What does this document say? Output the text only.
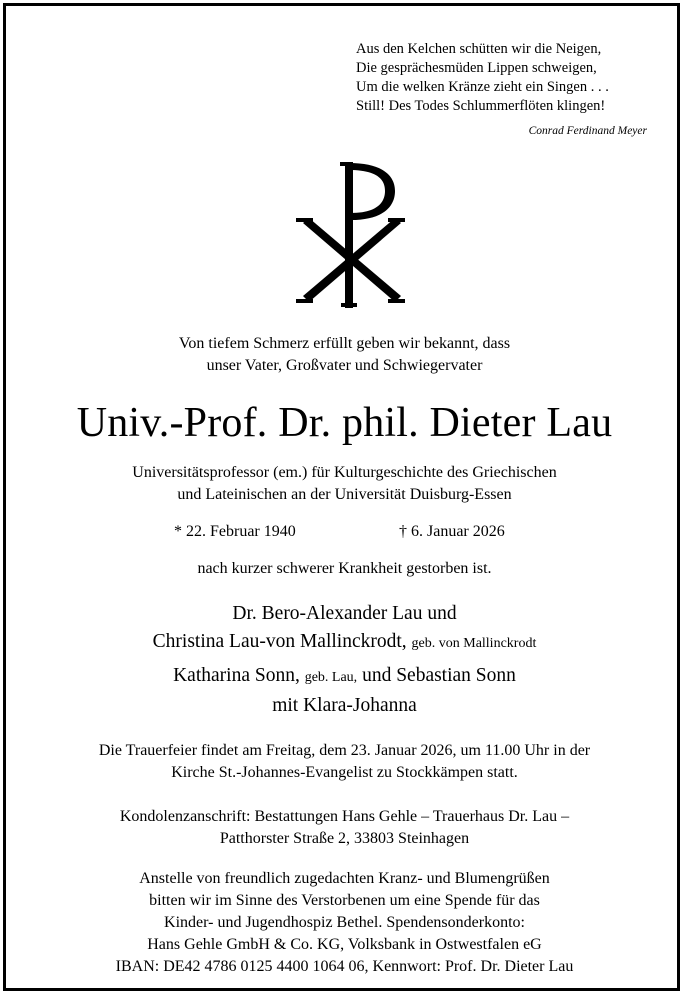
Aus den Kelchen schütten wir die Neigen,
Die gesprächesmüden Lippen schweigen,
Um die welken Kränze zieht ein Singen . . .
Still! Des Todes Schlummerflöten klingen!
Conrad Ferdinand Meyer
Von tiefem Schmerz erfüllt geben wir bekannt, dass
unser Vater, Großvater und Schwiegervater
Univ.-Prof. Dr. phil. Dieter Lau
Universitätsprofessor (em.) für Kulturgeschichte des Griechischen
und Lateinischen an der Universität Duisburg-Essen
* 22. Februar 1940	† 6. Januar 2026
nach kurzer schwerer Krankheit gestorben ist.
Dr. Bero-Alexander Lau und
Christina Lau-von Mallinckrodt, geb. von Mallinckrodt
Katharina Sonn, geb. Lau, und Sebastian Sonn
mit Klara-Johanna
Die Trauerfeier findet am Freitag, dem 23. Januar 2026, um 11.00 Uhr in der
Kirche St.-Johannes-Evangelist zu Stockkämpen statt.
Kondolenzanschrift: Bestattungen Hans Gehle – Trauerhaus Dr. Lau –
Patthorster Straße 2, 33803 Steinhagen
Anstelle von freundlich zugedachten Kranz- und Blumengrüßen
bitten wir im Sinne des Verstorbenen um eine Spende für das
Kinder- und Jugendhospiz Bethel. Spendensonderkonto:
Hans Gehle GmbH & Co. KG, Volksbank in Ostwestfalen eG
IBAN: DE42 4786 0125 4400 1064 06, Kennwort: Prof. Dr. Dieter Lau
